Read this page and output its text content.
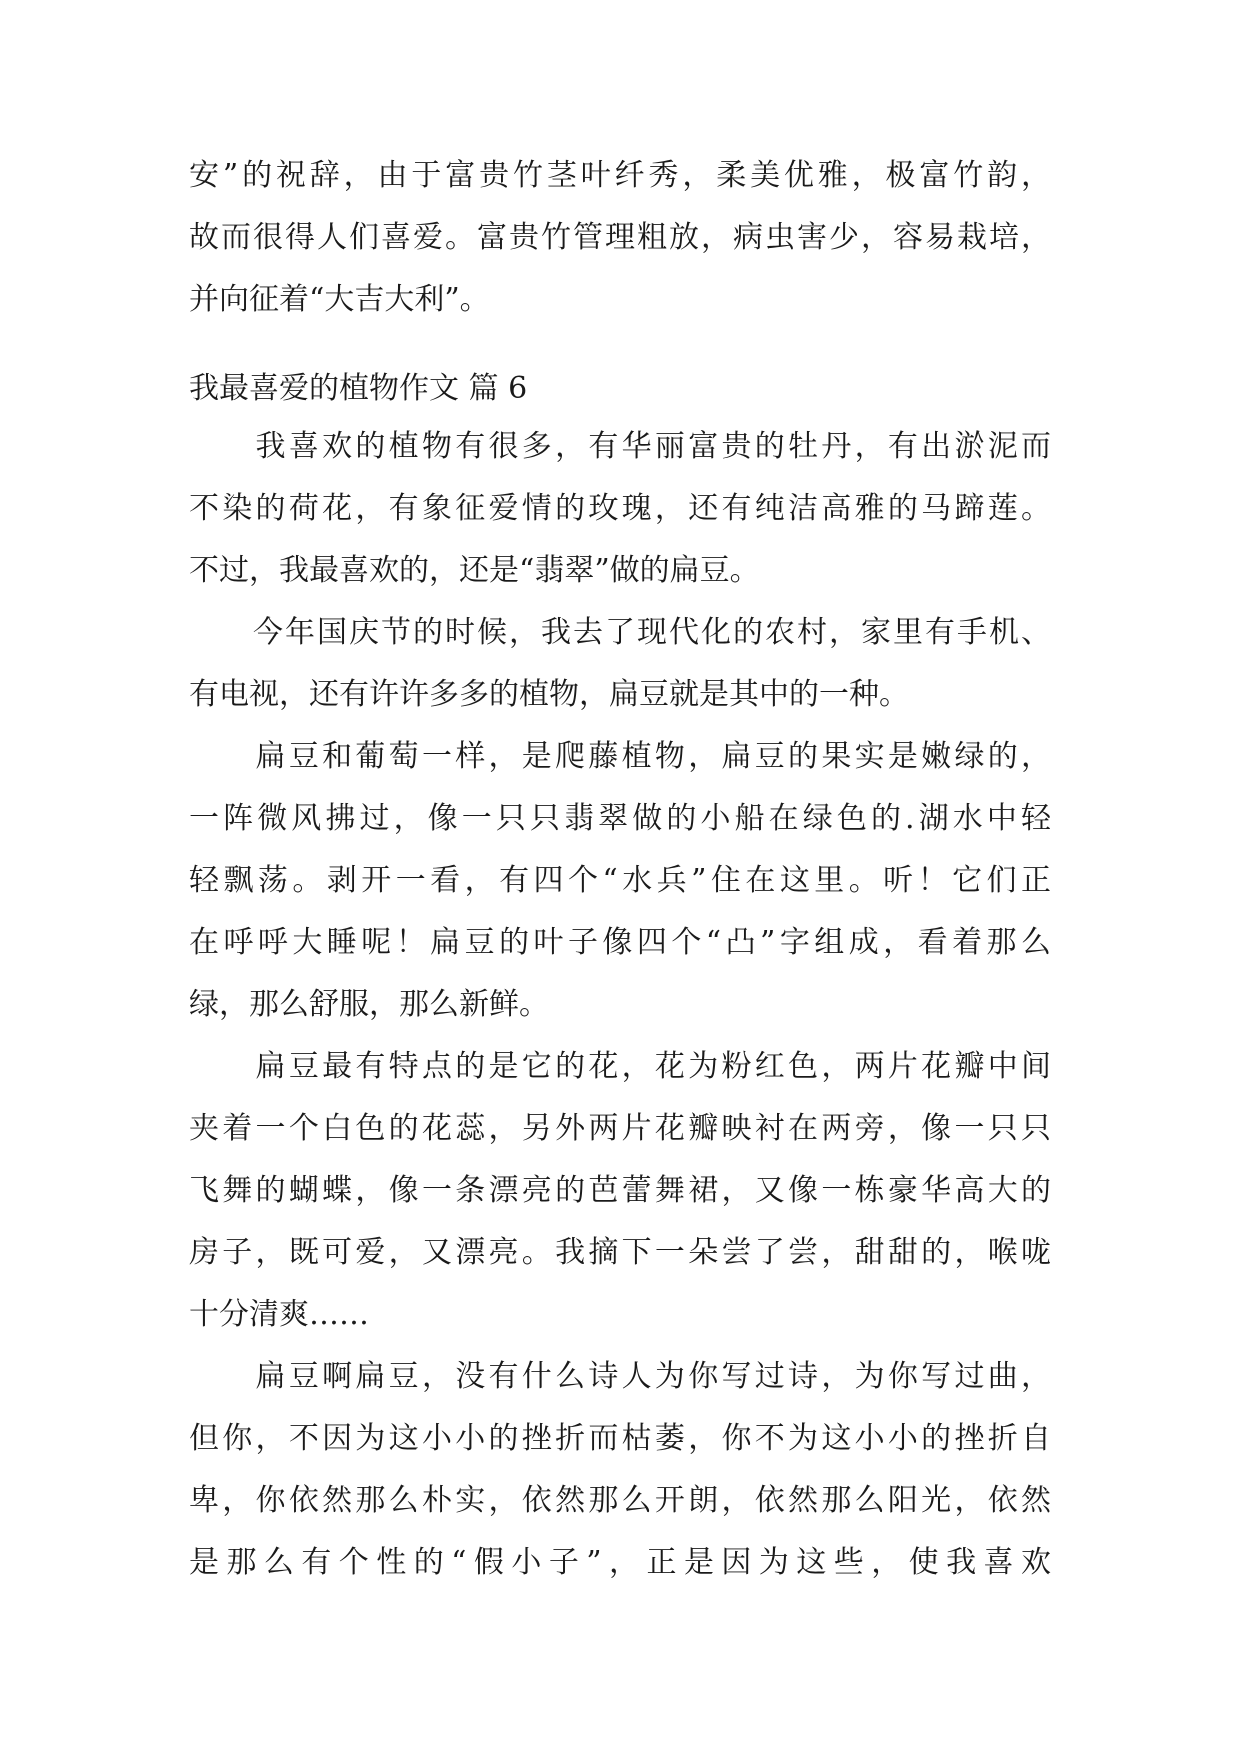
安”的祝辞，由于富贵竹茎叶纤秀，柔美优雅，极富竹韵，
故而很得人们喜爱。富贵竹管理粗放，病虫害少，容易栽培，
并向征着“大吉大利”。
我最喜爱的植物作文 篇 6
　　我喜欢的植物有很多，有华丽富贵的牡丹，有出淤泥而
不染的荷花，有象征爱情的玫瑰，还有纯洁高雅的马蹄莲。
不过，我最喜欢的，还是“翡翠”做的扁豆。
　　今年国庆节的时候，我去了现代化的农村，家里有手机、
有电视，还有许许多多的植物，扁豆就是其中的一种。
　　扁豆和葡萄一样，是爬藤植物，扁豆的果实是嫩绿的，
一阵微风拂过，像一只只翡翠做的小船在绿色的.湖水中轻
轻飘荡。剥开一看，有四个“水兵”住在这里。听！它们正
在呼呼大睡呢！扁豆的叶子像四个“凸”字组成，看着那么
绿，那么舒服，那么新鲜。
　　扁豆最有特点的是它的花，花为粉红色，两片花瓣中间
夹着一个白色的花蕊，另外两片花瓣映衬在两旁，像一只只
飞舞的蝴蝶，像一条漂亮的芭蕾舞裙，又像一栋豪华高大的
房子，既可爱，又漂亮。我摘下一朵尝了尝，甜甜的，喉咙
十分清爽……
　　扁豆啊扁豆，没有什么诗人为你写过诗，为你写过曲，
但你，不因为这小小的挫折而枯萎，你不为这小小的挫折自
卑，你依然那么朴实，依然那么开朗，依然那么阳光，依然
是那么有个性的“假小子”，正是因为这些，使我喜欢
